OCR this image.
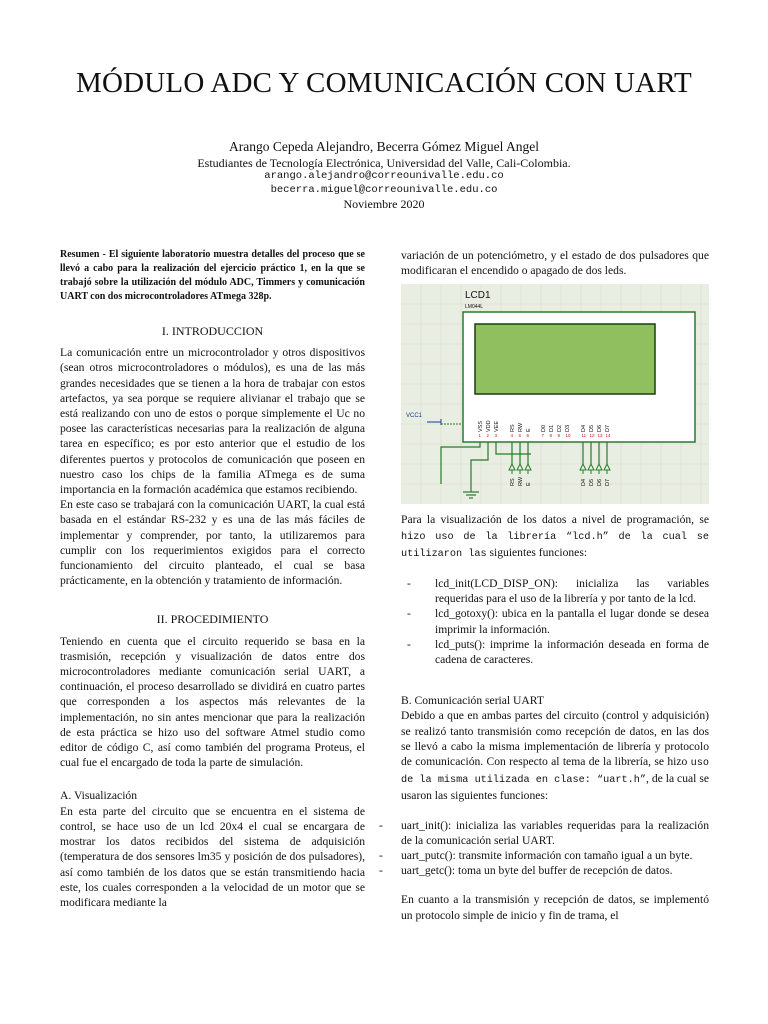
MÓDULO ADC Y COMUNICACIÓN CON UART
Arango Cepeda Alejandro, Becerra Gómez Miguel Angel
Estudiantes de Tecnología Electrónica, Universidad del Valle, Cali-Colombia.
arango.alejandro@correounivalle.edu.co
becerra.miguel@correounivalle.edu.co
Noviembre 2020

Resumen - El siguiente laboratorio muestra detalles del proceso que se llevó a cabo para la realización del ejercicio práctico 1, en la que se trabajó sobre la utilización del módulo ADC, Timmers y comunicación UART con dos microcontroladores ATmega 328p.

I. INTRODUCCION

La comunicación entre un microcontrolador y otros dispositivos (sean otros microcontroladores o módulos), es una de las más grandes necesidades que se tienen a la hora de trabajar con estos artefactos, ya sea porque se requiere alivianar el trabajo que se está realizando con uno de estos o porque simplemente el Uc no posee las características necesarias para la realización de alguna tarea en específico; es por esto anterior que el estudio de los diferentes puertos y protocolos de comunicación que poseen en nuestro caso los chips de la familia ATmega es de suma importancia en la formación académica que estamos recibiendo.

En este caso se trabajará con la comunicación UART, la cual está basada en el estándar RS-232 y es una de las más fáciles de implementar y comprender, por tanto, la utilizaremos para cumplir con los requerimientos exigidos para el correcto funcionamiento del circuito planteado, el cual se basa prácticamente, en la obtención y tratamiento de información.

II. PROCEDIMIENTO

Teniendo en cuenta que el circuito requerido se basa en la trasmisión, recepción y visualización de datos entre dos microcontroladores mediante comunicación serial UART, a continuación, el proceso desarrollado se dividirá en cuatro partes que corresponden a los aspectos más relevantes de la implementación, no sin antes mencionar que para la realización de esta práctica se hizo uso del software Atmel studio como editor de código C, así como también del programa Proteus, el cual fue el encargado de toda la parte de simulación.

A. Visualización

En esta parte del circuito que se encuentra en el sistema de control, se hace uso de un lcd 20x4 el cual se encargara de mostrar los datos recibidos del sistema de adquisición (temperatura de dos sensores lm35 y posición de dos pulsadores), así como también de los datos que se están transmitiendo hacia este, los cuales corresponden a la velocidad de un motor que se modificara mediante la

variación de un potenciómetro, y el estado de dos pulsadores que modificaran el encendido o apagado de dos leds.

LCD1
LM044L
VSS VDD VEE RS RW E D0 D1 D2 D3 D4 D5 D6 D7
1 2 3	4 5 6	7 8 9 10 11 12 13 14
VCC1
RS RW E	D4 D5 D6 D7

Para la visualización de los datos a nivel de programación, se hizo uso de la librería “lcd.h” de la cual se utilizaron las siguientes funciones:

- lcd_init(LCD_DISP_ON): inicializa las variables requeridas para el uso de la librería y por tanto de la lcd.
- lcd_gotoxy(): ubica en la pantalla el lugar donde se desea imprimir la información.
- lcd_puts(): imprime la información deseada en forma de cadena de caracteres.

B. Comunicación serial UART

Debido a que en ambas partes del circuito (control y adquisición) se realizó tanto transmisión como recepción de datos, en las dos se llevó a cabo la misma implementación de librería y protocolo de comunicación. Con respecto al tema de la librería, se hizo uso de la misma utilizada en clase: “uart.h”, de la cual se usaron las siguientes funciones:

- uart_init(): inicializa las variables requeridas para la realización de la comunicación serial UART.
- uart_putc(): transmite información con tamaño igual a un byte.
- uart_getc(): toma un byte del buffer de recepción de datos.

En cuanto a la transmisión y recepción de datos, se implementó un protocolo simple de inicio y fin de trama, el
